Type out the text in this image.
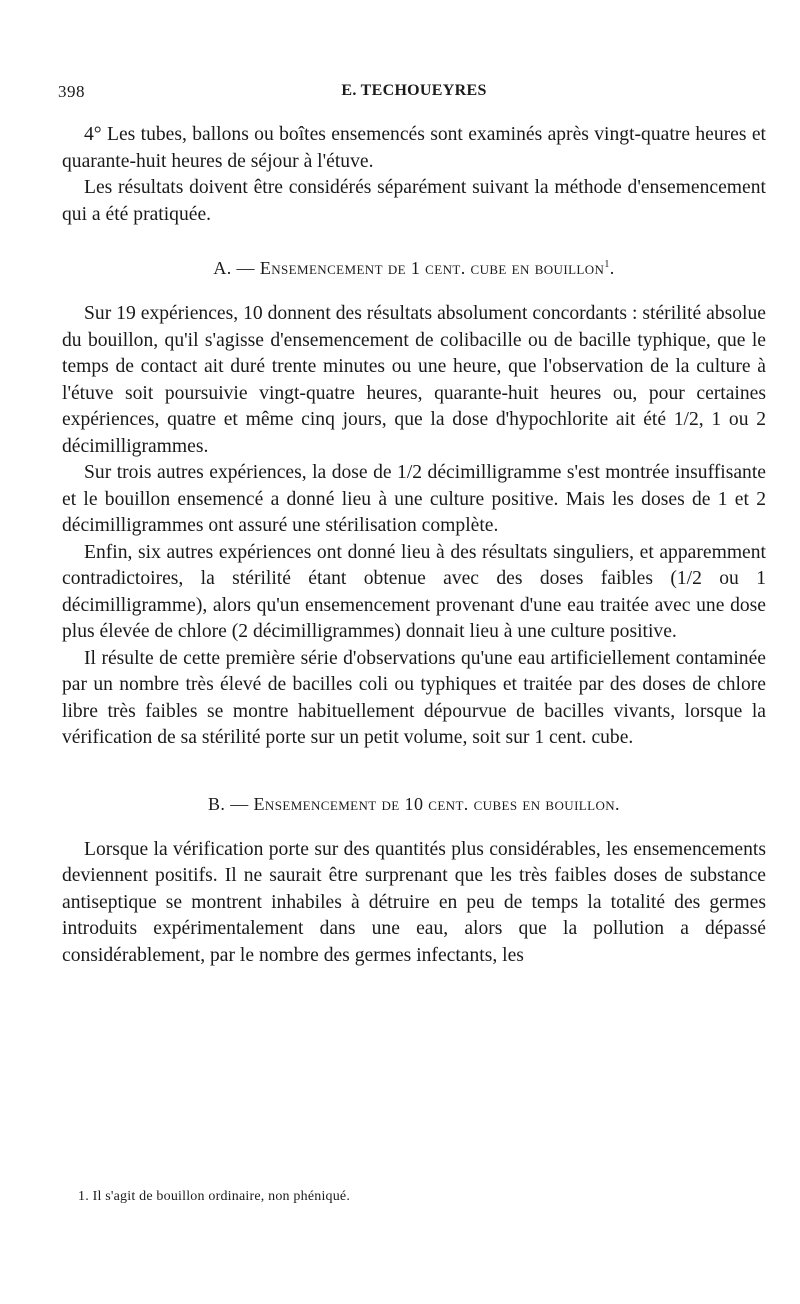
398	E. TECHOUEYRES

4° Les tubes, ballons ou boîtes ensemencés sont examinés après vingt-quatre heures et quarante-huit heures de séjour à l'étuve.

Les résultats doivent être considérés séparément suivant la méthode d'ensemencement qui a été pratiquée.

A. — Ensemencement de 1 cent. cube en bouillon$^1$.

Sur 19 expériences, 10 donnent des résultats absolument concordants : stérilité absolue du bouillon, qu'il s'agisse d'ensemencement de colibacille ou de bacille typhique, que le temps de contact ait duré trente minutes ou une heure, que l'observation de la culture à l'étuve soit poursuivie vingt-quatre heures, quarante-huit heures ou, pour certaines expériences, quatre et même cinq jours, que la dose d'hypochlorite ait été 1/2, 1 ou 2 décimilligrammes.

Sur trois autres expériences, la dose de 1/2 décimilligramme s'est montrée insuffisante et le bouillon ensemencé a donné lieu à une culture positive. Mais les doses de 1 et 2 décimilligrammes ont assuré une stérilisation complète.

Enfin, six autres expériences ont donné lieu à des résultats singuliers, et apparemment contradictoires, la stérilité étant obtenue avec des doses faibles (1/2 ou 1 décimilligramme), alors qu'un ensemencement provenant d'une eau traitée avec une dose plus élevée de chlore (2 décimilligrammes) donnait lieu à une culture positive.

Il résulte de cette première série d'observations qu'une eau artificiellement contaminée par un nombre très élevé de bacilles coli ou typhiques et traitée par des doses de chlore libre très faibles se montre habituellement dépourvue de bacilles vivants, lorsque la vérification de sa stérilité porte sur un petit volume, soit sur 1 cent. cube.

B. — Ensemencement de 10 cent. cubes en bouillon.

Lorsque la vérification porte sur des quantités plus considérables, les ensemencements deviennent positifs. Il ne saurait être surprenant que les très faibles doses de substance antiseptique se montrent inhabiles à détruire en peu de temps la totalité des germes introduits expérimentalement dans une eau, alors que la pollution a dépassé considérablement, par le nombre des germes infectants, les

1. Il s'agit de bouillon ordinaire, non phéniqué.
